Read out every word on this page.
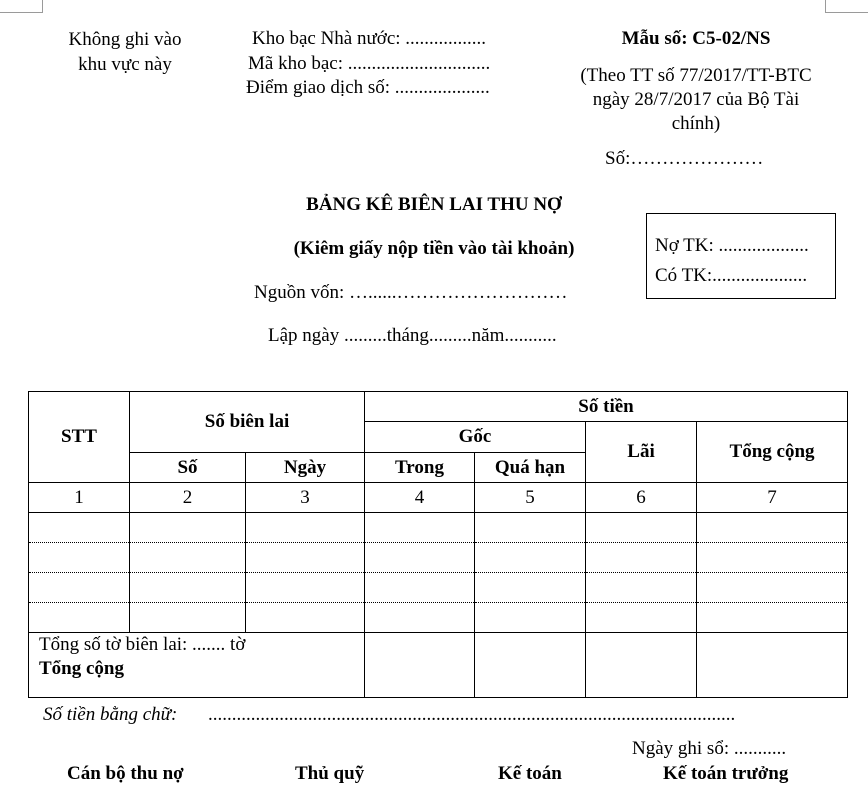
Không ghi vào
khu vực này
Kho bạc Nhà nước: .................
Mã kho bạc: ..............................
Điểm giao dịch số: ....................
Mẫu số: C5-02/NS
(Theo TT số 77/2017/TT-BTC
ngày 28/7/2017 của Bộ Tài
chính)
Số:…………………
BẢNG KÊ BIÊN LAI THU NỢ
(Kiêm giấy nộp tiền vào tài khoản)
Nguồn vốn: …......………………………
Lập ngày .........tháng.........năm...........
Nợ TK: ...................
Có TK:....................
STT	Số biên lai		Số tiền			
			Gốc		Lãi	Tổng cộng
	Số	Ngày	Trong	Quá hạn		
1	2	3	4	5	6	7

Tổng số tờ biên lai: ....... tờ
Tổng cộng						

Số tiền bằng chữ: ...............................................................................................................
Ngày ghi sổ: ...........
Cán bộ thu nợ	Thủ quỹ	Kế toán	Kế toán trưởng
